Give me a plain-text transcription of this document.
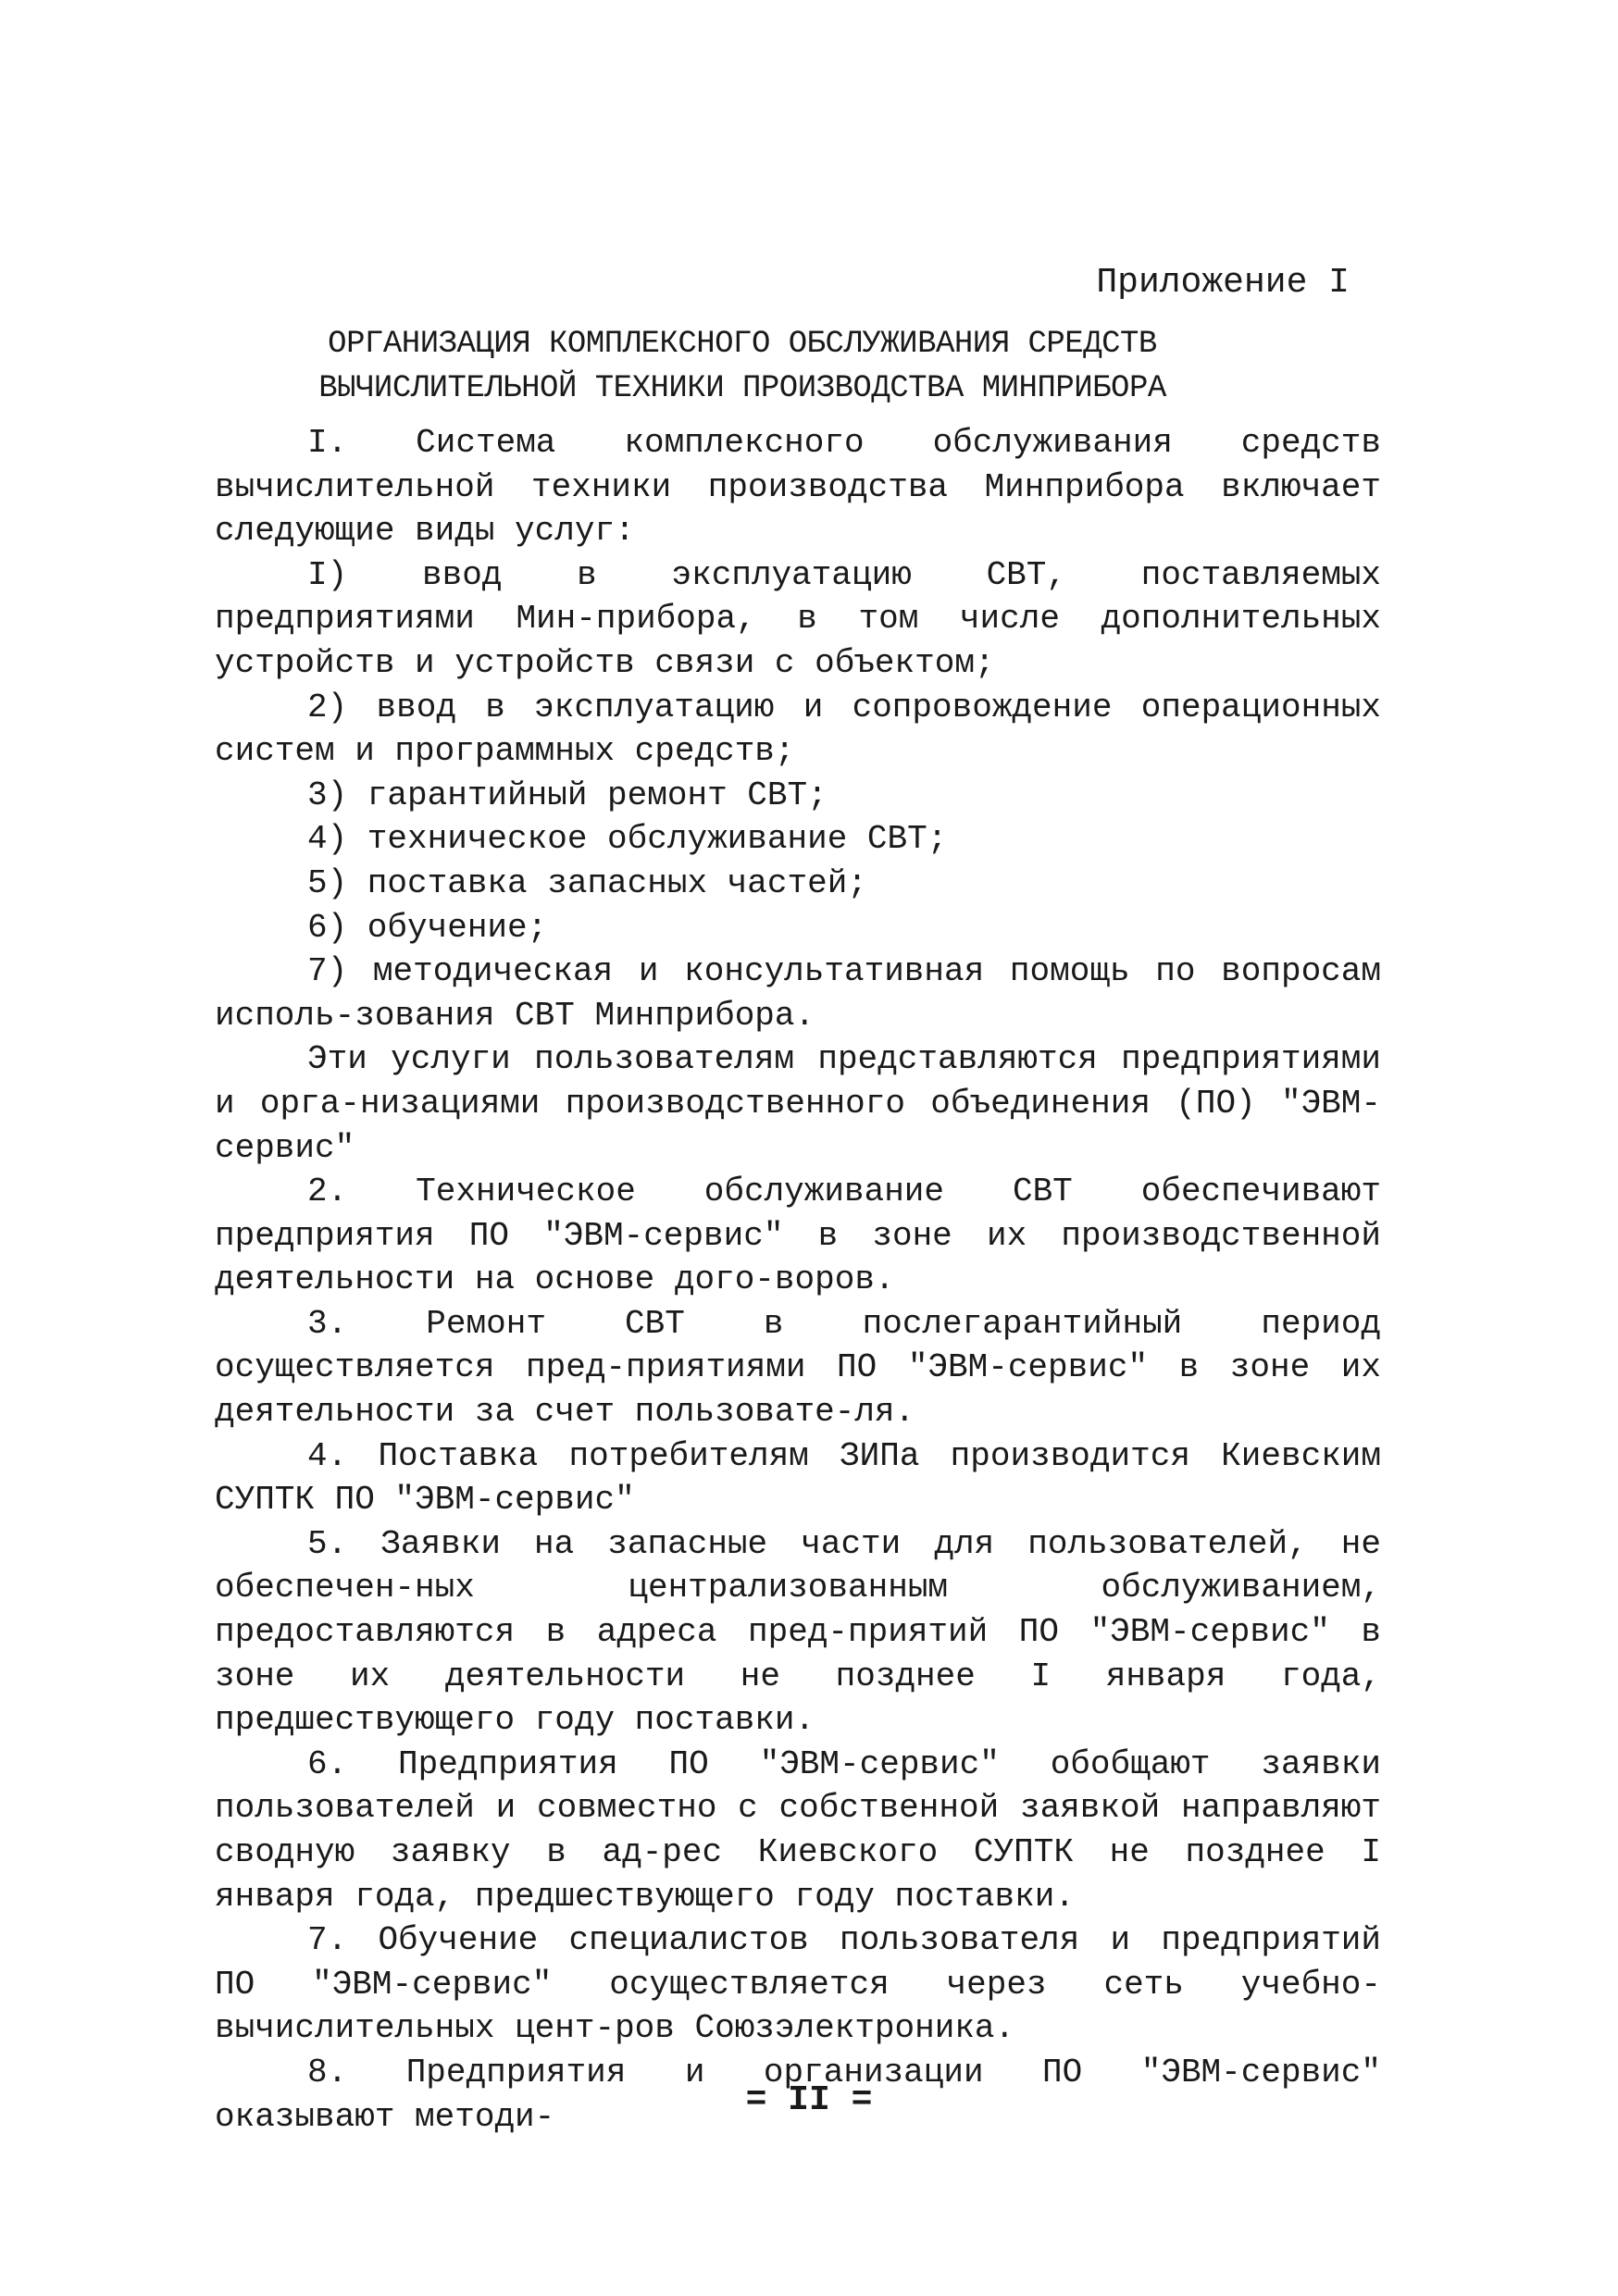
Приложение I
ОРГАНИЗАЦИЯ КОМПЛЕКСНОГО ОБСЛУЖИВАНИЯ СРЕДСТВ
ВЫЧИСЛИТЕЛЬНОЙ ТЕХНИКИ ПРОИЗВОДСТВА МИНПРИБОРА

I. Система комплексного обслуживания средств вычислительной техники производства Минприбора включает следующие виды услуг:

I) ввод в эксплуатацию СВТ, поставляемых предприятиями Мин-прибора, в том числе дополнительных устройств и устройств связи с объектом;

2) ввод в эксплуатацию и сопровождение операционных систем и программных средств;

3) гарантийный ремонт СВТ;

4) техническое обслуживание СВТ;

5) поставка запасных частей;

6) обучение;

7) методическая и консультативная помощь по вопросам исполь-зования СВТ Минприбора.

Эти услуги пользователям представляются предприятиями и орга-низациями производственного объединения (ПО) "ЭВМ-сервис"

2. Техническое обслуживание СВТ обеспечивают предприятия ПО "ЭВМ-сервис" в зоне их производственной деятельности на основе дого-воров.

3. Ремонт СВТ в послегарантийный период осуществляется пред-приятиями ПО "ЭВМ-сервис" в зоне их деятельности за счет пользовате-ля.

4. Поставка потребителям ЗИПа производится Киевским СУПТК ПО "ЭВМ-сервис"

5. Заявки на запасные части для пользователей, не обеспечен-ных централизованным обслуживанием, предоставляются в адреса пред-приятий ПО "ЭВМ-сервис" в зоне их деятельности не позднее I января года, предшествующего году поставки.

6. Предприятия ПО "ЭВМ-сервис" обобщают заявки пользователей и совместно с собственной заявкой направляют сводную заявку в ад-рес Киевского СУПТК не позднее I января года, предшествующего году поставки.

7. Обучение специалистов пользователя и предприятий ПО "ЭВМ-сервис" осуществляется через сеть учебно-вычислительных цент-ров Союзэлектроника.

8. Предприятия и организации ПО "ЭВМ-сервис" оказывают методи-	= II =
